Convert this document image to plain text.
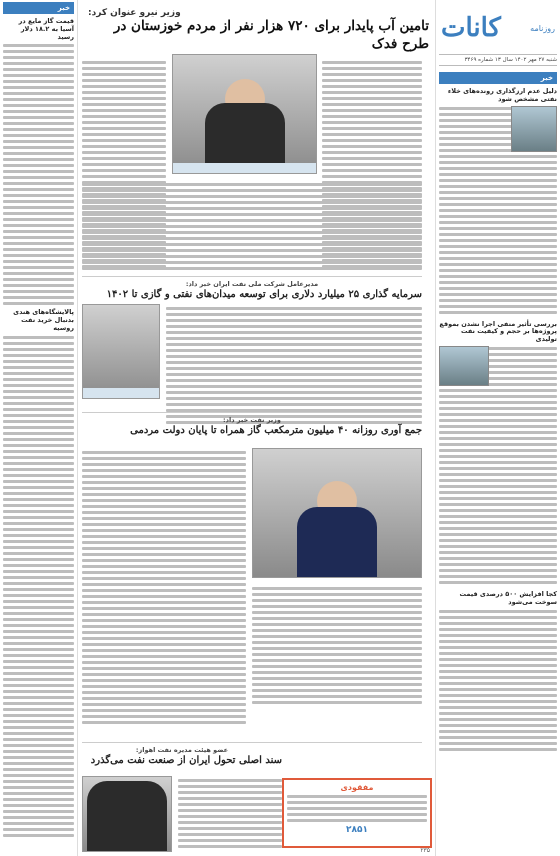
خبر
قیمت گاز مایع در آسیا به ۱۸.۲ دلار رسید
پالایشگاه‌های هندی بدنبال خرید نفت روسیه
وزیر نیرو عنوان کرد:
تامین آب پایدار برای ۷۲۰ هزار نفر از مردم خوزستان در طرح فدک
مدیرعامل شرکت ملی نفت ایران خبر داد:
سرمایه گذاری ۲۵ میلیارد دلاری برای توسعه میدان‌های نفتی و گازی تا ۱۴۰۲
وزیر نفت خبر داد:
جمع آوری روزانه ۴۰ میلیون مترمکعب گاز همراه تا پایان دولت مردمی
عضو هیئت مدیره نفت اهواز:
سند اصلی تحول ایران از صنعت نفت می‌گذرد
روزنامه
كانات
شنبه ۲۷ مهر ۱۴۰۲ سال ۱۳ شماره ۳۴۶۹
خبر
دلیل عدم ارزگذاری رونده‌های خلاء نفتی مشخص شود
بررسی تأثیر منفی اجرا نشدن بموقع پروژه‌ها بر حجم و کیفیت نفت تولیدی
کجا افزایش ۵۰۰ درصدی قیمت سوخت می‌شود
مفقودی
۲۸۵۱
۲۳۵
